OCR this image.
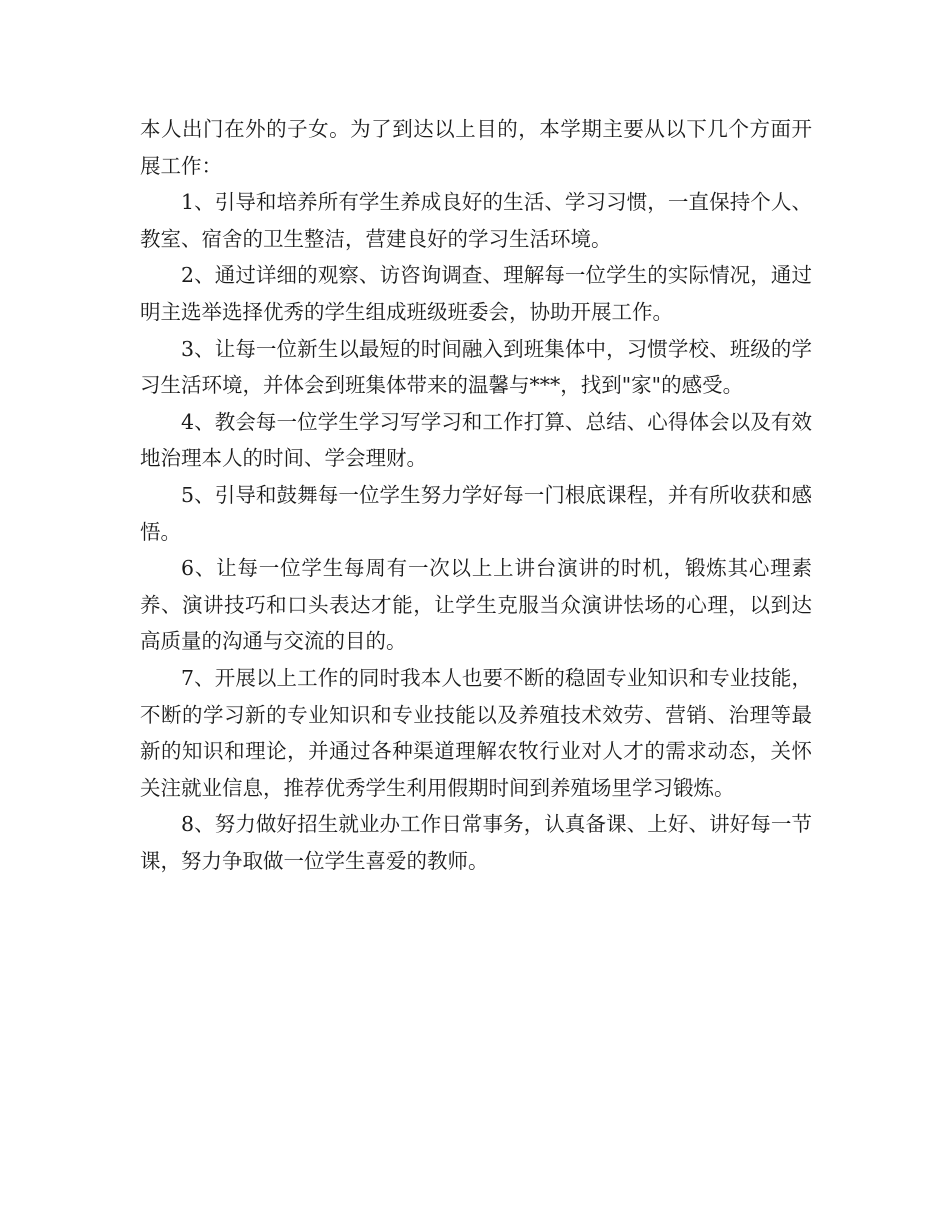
本人出门在外的子女。为了到达以上目的，本学期主要从以下几个方面开展工作：

1、引导和培养所有学生养成良好的生活、学习习惯，一直保持个人、教室、宿舍的卫生整洁，营建良好的学习生活环境。

2、通过详细的观察、访咨询调查、理解每一位学生的实际情况，通过明主选举选择优秀的学生组成班级班委会，协助开展工作。

3、让每一位新生以最短的时间融入到班集体中，习惯学校、班级的学习生活环境，并体会到班集体带来的温馨与***，找到"家"的感受。

4、教会每一位学生学习写学习和工作打算、总结、心得体会以及有效地治理本人的时间、学会理财。

5、引导和鼓舞每一位学生努力学好每一门根底课程，并有所收获和感悟。

6、让每一位学生每周有一次以上上讲台演讲的时机，锻炼其心理素养、演讲技巧和口头表达才能，让学生克服当众演讲怯场的心理，以到达高质量的沟通与交流的目的。

7、开展以上工作的同时我本人也要不断的稳固专业知识和专业技能，不断的学习新的专业知识和专业技能以及养殖技术效劳、营销、治理等最新的知识和理论，并通过各种渠道理解农牧行业对人才的需求动态，关怀关注就业信息，推荐优秀学生利用假期时间到养殖场里学习锻炼。

8、努力做好招生就业办工作日常事务，认真备课、上好、讲好每一节课，努力争取做一位学生喜爱的教师。
